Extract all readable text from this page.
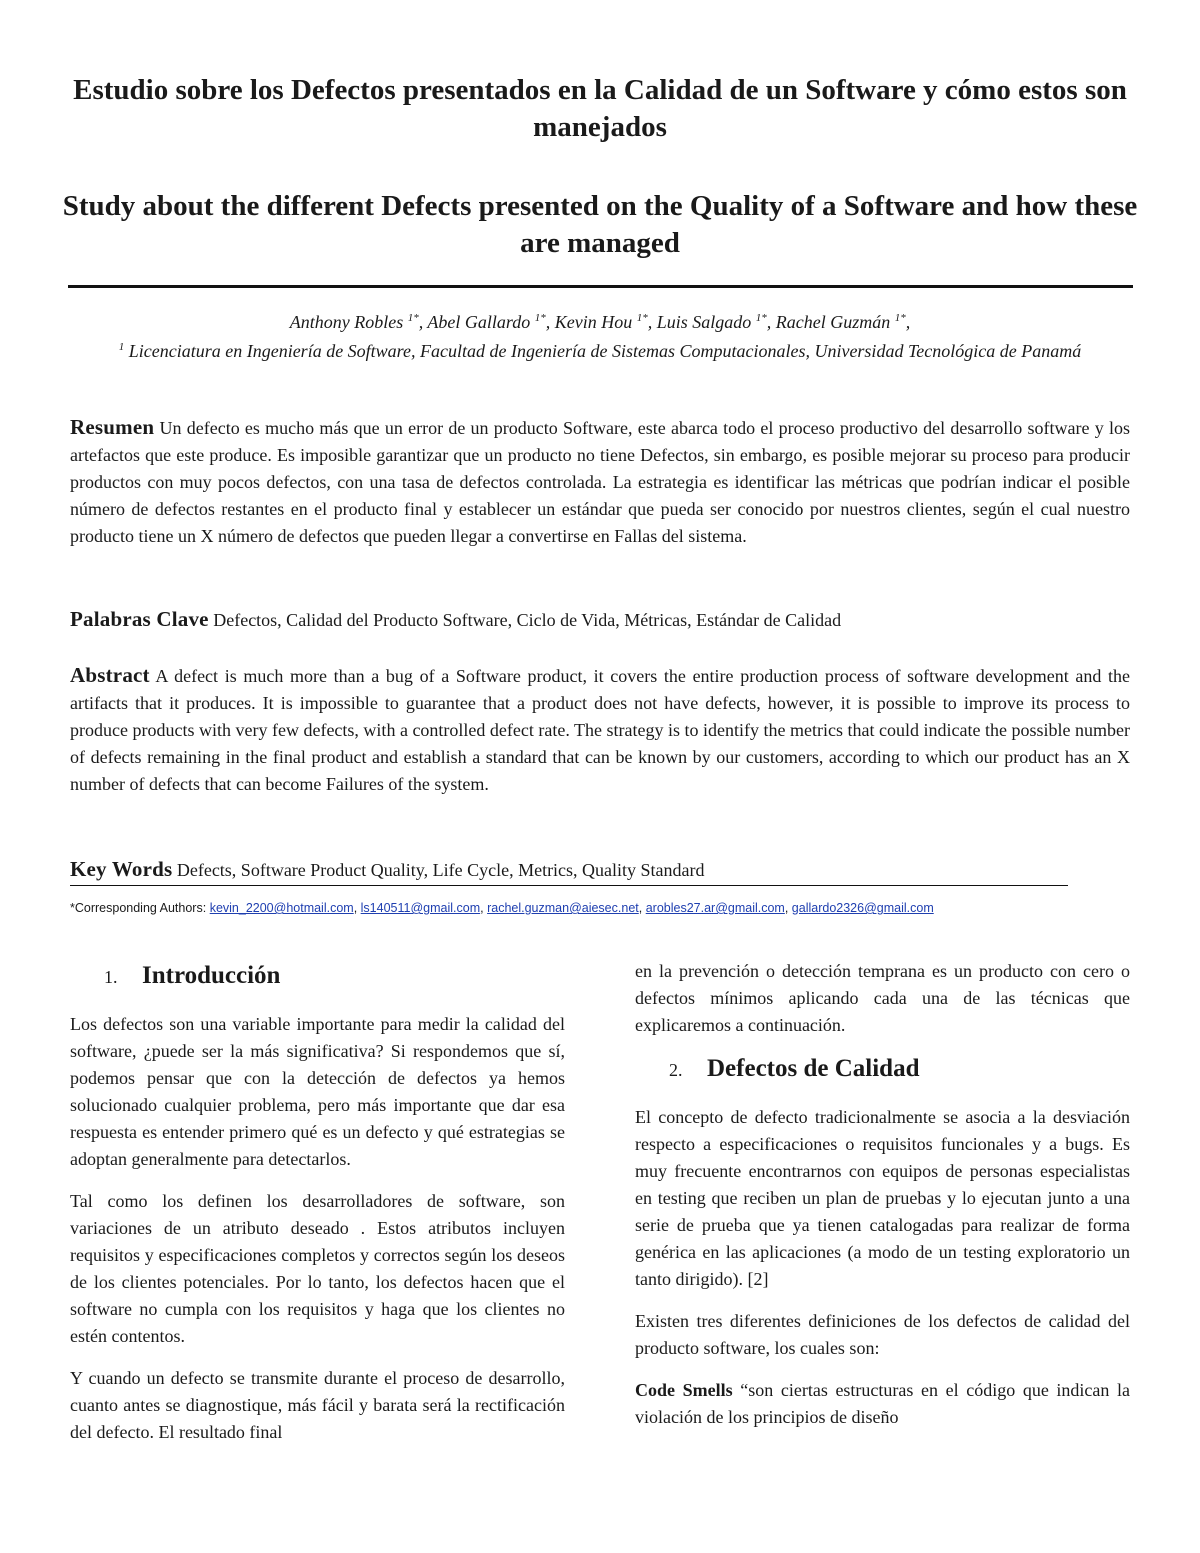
Estudio sobre los Defectos presentados en la Calidad de un Software y cómo estos son manejados
Study about the different Defects presented on the Quality of a Software and how these are managed
Anthony Robles $^{1*}$, Abel Gallardo $^{1*}$, Kevin Hou $^{1*}$, Luis Salgado $^{1*}$, Rachel Guzmán $^{1*}$,
$^1$ Licenciatura en Ingeniería de Software, Facultad de Ingeniería de Sistemas Computacionales, Universidad Tecnológica de Panamá
Resumen Un defecto es mucho más que un error de un producto Software, este abarca todo el proceso productivo del desarrollo software y los artefactos que este produce. Es imposible garantizar que un producto no tiene Defectos, sin embargo, es posible mejorar su proceso para producir productos con muy pocos defectos, con una tasa de defectos controlada. La estrategia es identificar las métricas que podrían indicar el posible número de defectos restantes en el producto final y establecer un estándar que pueda ser conocido por nuestros clientes, según el cual nuestro producto tiene un X número de defectos que pueden llegar a convertirse en Fallas del sistema.
Palabras Clave Defectos, Calidad del Producto Software, Ciclo de Vida, Métricas, Estándar de Calidad
Abstract A defect is much more than a bug of a Software product, it covers the entire production process of software development and the artifacts that it produces. It is impossible to guarantee that a product does not have defects, however, it is possible to improve its process to produce products with very few defects, with a controlled defect rate. The strategy is to identify the metrics that could indicate the possible number of defects remaining in the final product and establish a standard that can be known by our customers, according to which our product has an X number of defects that can become Failures of the system.
Key Words Defects, Software Product Quality, Life Cycle, Metrics, Quality Standard
*Corresponding Authors: kevin_2200@hotmail.com, ls140511@gmail.com, rachel.guzman@aiesec.net, arobles27.ar@gmail.com, gallardo2326@gmail.com
1. Introducción

Los defectos son una variable importante para medir la calidad del software, ¿puede ser la más significativa? Si respondemos que sí, podemos pensar que con la detección de defectos ya hemos solucionado cualquier problema, pero más importante que dar esa respuesta es entender primero qué es un defecto y qué estrategias se adoptan generalmente para detectarlos.

Tal como los definen los desarrolladores de software, son variaciones de un atributo deseado . Estos atributos incluyen requisitos y especificaciones completos y correctos según los deseos de los clientes potenciales. Por lo tanto, los defectos hacen que el software no cumpla con los requisitos y haga que los clientes no estén contentos.

Y cuando un defecto se transmite durante el proceso de desarrollo, cuanto antes se diagnostique, más fácil y barata será la rectificación del defecto. El resultado final

en la prevención o detección temprana es un producto con cero o defectos mínimos aplicando cada una de las técnicas que explicaremos a continuación.

2. Defectos de Calidad

El concepto de defecto tradicionalmente se asocia a la desviación respecto a especificaciones o requisitos funcionales y a bugs. Es muy frecuente encontrarnos con equipos de personas especialistas en testing que reciben un plan de pruebas y lo ejecutan junto a una serie de prueba que ya tienen catalogadas para realizar de forma genérica en las aplicaciones (a modo de un testing exploratorio un tanto dirigido). [2]

Existen tres diferentes definiciones de los defectos de calidad del producto software, los cuales son:

Code Smells “son ciertas estructuras en el código que indican la violación de los principios de diseño
